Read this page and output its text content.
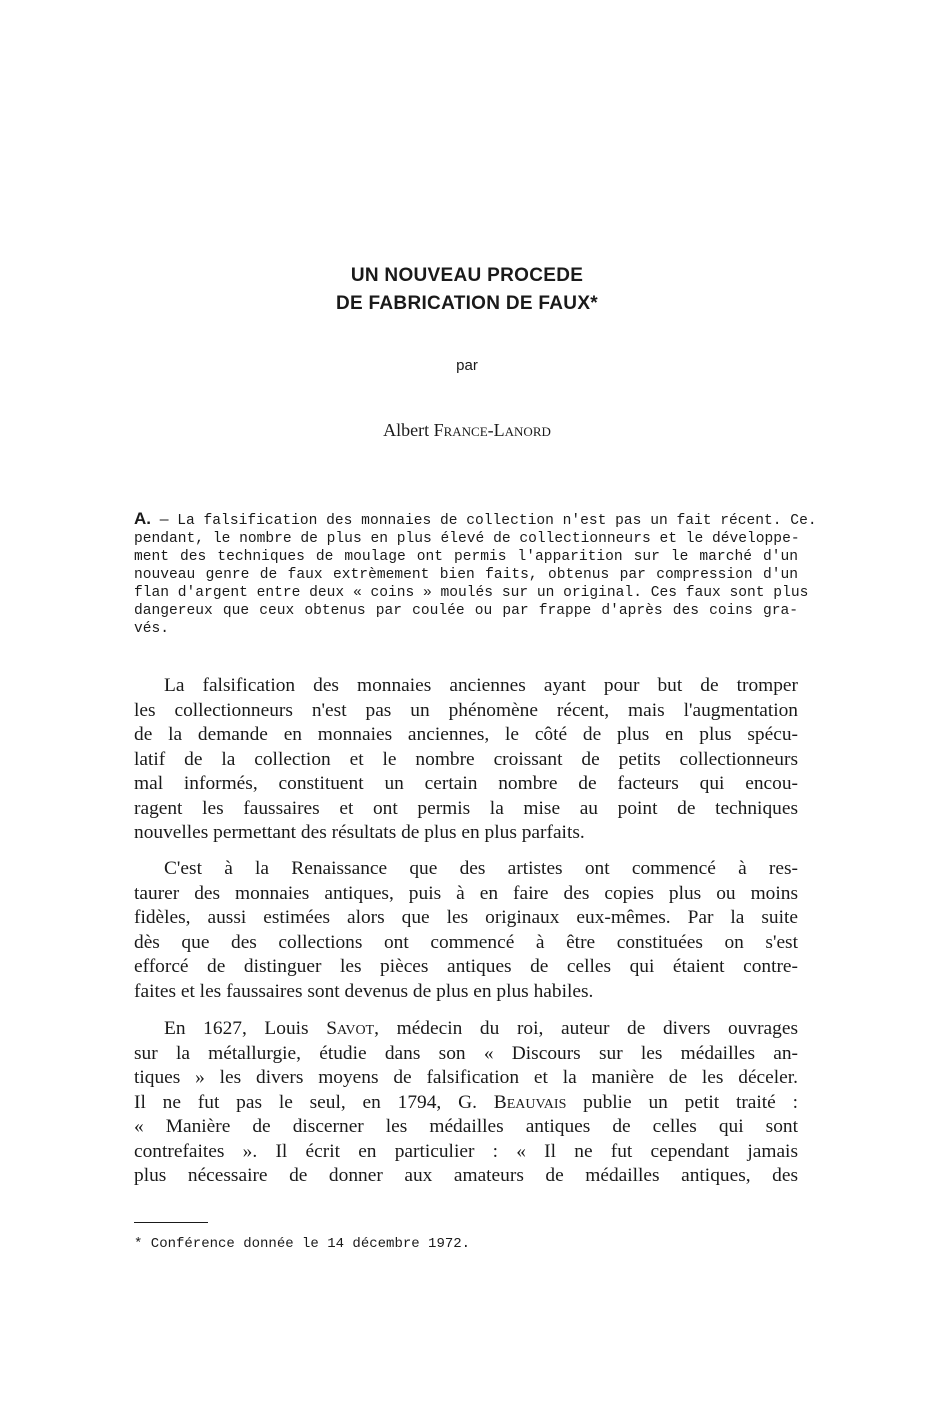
UN NOUVEAU PROCEDE
DE FABRICATION DE FAUX*

par

Albert France-Lanord

A. — La falsification des monnaies de collection n'est pas un fait récent. Ce.
pendant, le nombre de plus en plus élevé de collectionneurs et le développe-
ment des techniques de moulage ont permis l'apparition sur le marché d'un
nouveau genre de faux extrèmement bien faits, obtenus par compression d'un
flan d'argent entre deux « coins » moulés sur un original. Ces faux sont plus
dangereux que ceux obtenus par coulée ou par frappe d'après des coins gra-
vés.
La falsification des monnaies anciennes ayant pour but de tromper
les collectionneurs n'est pas un phénomène récent, mais l'augmentation
de la demande en monnaies anciennes, le côté de plus en plus spécu-
latif de la collection et le nombre croissant de petits collectionneurs
mal informés, constituent un certain nombre de facteurs qui encou-
ragent les faussaires et ont permis la mise au point de techniques
nouvelles permettant des résultats de plus en plus parfaits.
C'est à la Renaissance que des artistes ont commencé à res-
taurer des monnaies antiques, puis à en faire des copies plus ou moins
fidèles, aussi estimées alors que les originaux eux-mêmes. Par la suite
dès que des collections ont commencé à être constituées on s'est
efforcé de distinguer les pièces antiques de celles qui étaient contre-
faites et les faussaires sont devenus de plus en plus habiles.
En 1627, Louis Savot, médecin du roi, auteur de divers ouvrages
sur la métallurgie, étudie dans son « Discours sur les médailles an-
tiques » les divers moyens de falsification et la manière de les déceler.
Il ne fut pas le seul, en 1794, G. Beauvais publie un petit traité :
« Manière de discerner les médailles antiques de celles qui sont
contrefaites ». Il écrit en particulier : « Il ne fut cependant jamais
plus nécessaire de donner aux amateurs de médailles antiques, des

* Conférence donnée le 14 décembre 1972.
